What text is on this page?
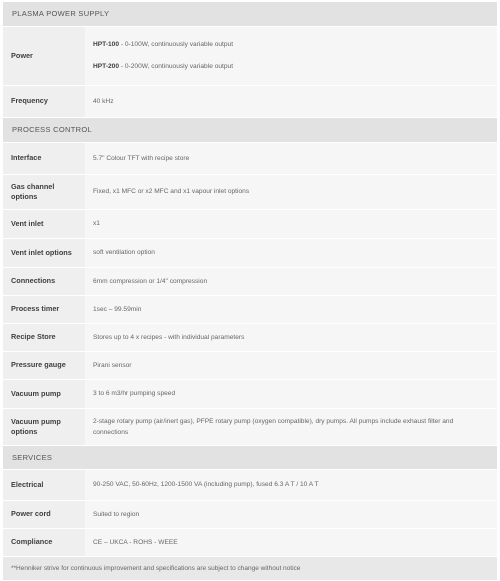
PLASMA POWER SUPPLY	
Power	HPT-100 - 0-100W, continuously variable output
HPT-200 - 0-200W, continuously variable output

Frequency	40 kHz
PROCESS CONTROL	
Interface	5.7" Colour TFT with recipe store
Gas channel options	Fixed, x1 MFC or x2 MFC and x1 vapour inlet options
Vent inlet	x1
Vent inlet options	soft ventilation option
Connections	6mm compression or 1/4" compression
Process timer	1sec – 99.59min
Recipe Store	Stores up to 4 x recipes - with individual parameters
Pressure gauge	Pirani sensor
Vacuum pump	3 to 6 m3/hr pumping speed
Vacuum pump options	2-stage rotary pump (air/inert gas), PFPE rotary pump (oxygen compatible), dry pumps. All pumps include exhaust filter and connections
SERVICES	
Electrical	90-250 VAC, 50-60Hz, 1200-1500 VA (including pump), fused 6.3 A T / 10 A T
Power cord	Suited to region
Compliance	CE – UKCA - ROHS - WEEE
**Henniker strive for continuous improvement and specifications are subject to change without notice	
